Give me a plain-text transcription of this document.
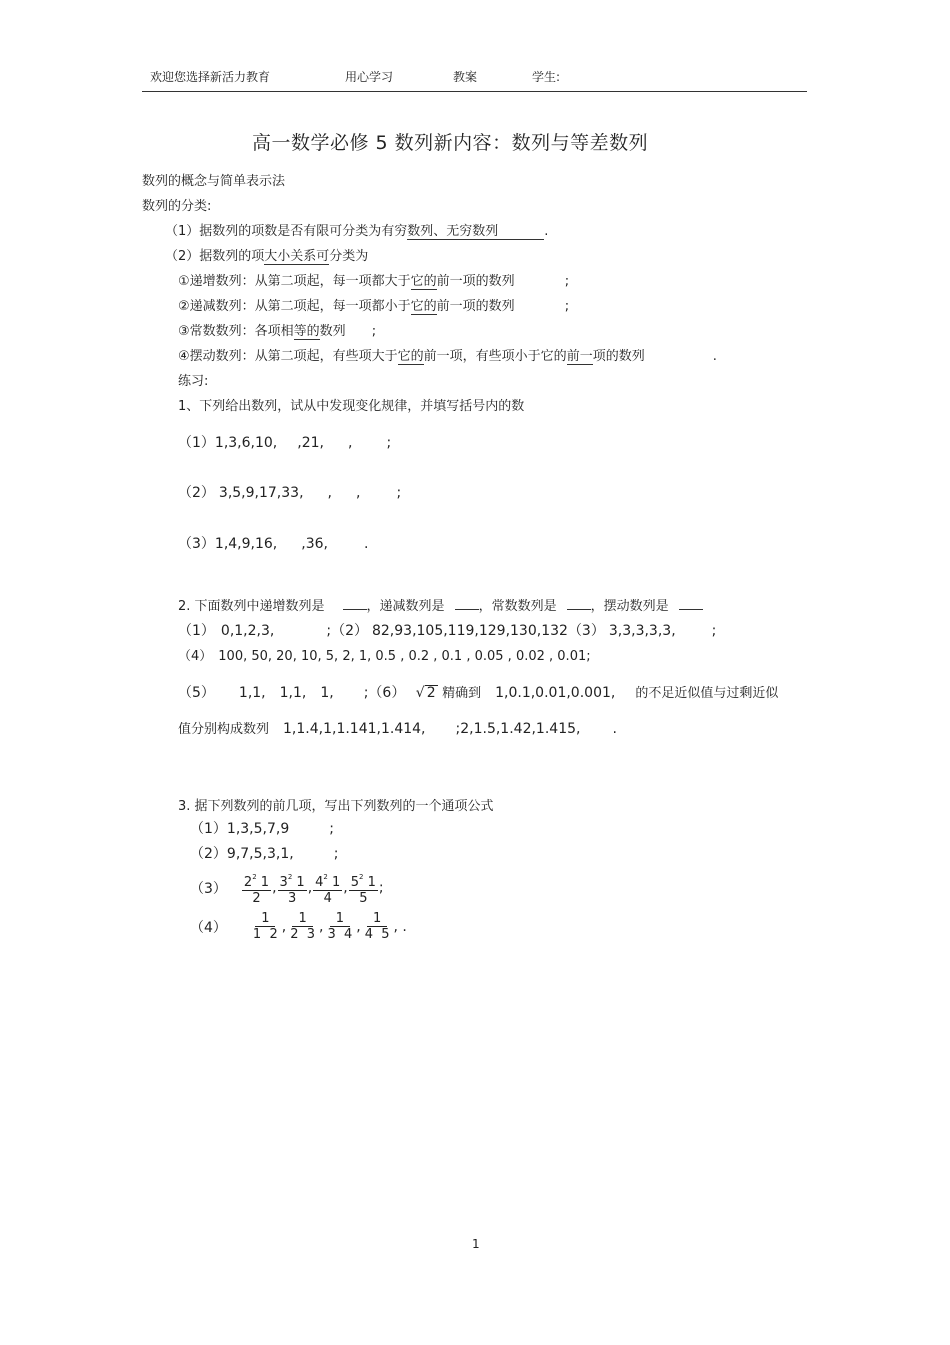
欢迎您选择新活力教育	用心学习	教案	学生:
高一数学必修 5 数列新内容：数列与等差数列
数列的概念与简单表示法
数列的分类:
（1）据数列的项数是否有限可分类为有穷数列、无穷数列	.
（2）据数列的项大小关系可分类为
①递增数列：从第二项起，每一项都大于它的前一项的数列	;
②递减数列：从第二项起，每一项都小于它的前一项的数列	;
③常数数列：各项相等的数列 ;
④摆动数列：从第二项起，有些项大于它的前一项，有些项小于它的前一项的数列	.
练习:
1、下列给出数列，试从中发现变化规律，并填写括号内的数
（1）1,3,6,10, ,21, , ;
（2） 3,5,9,17,33, , ,	;
（3）1,4,9,16, ,36,	.
2. 下面数列中递增数列是	，递减数列是	，常数数列是	，摆动数列是
（1） 0,1,2,3,	;（2） 82,93,105,119,129,130,132（3） 3,3,3,3,3,	;
（4） 100, 50, 20, 10, 5, 2, 1, 0.5 , 0.2 , 0.1 , 0.05 , 0.02 , 0.01;
（5） 1,1, 1,1, 1, ;（6） √ 2 精确到 1,0.1,0.01,0.001, 的不足近似值与过剩近似
值分别构成数列 1,1.4,1,1.141,1.414, ;2,1.5,1.42,1.415, .
3. 据下列数列的前几项，写出下列数列的一个通项公式
（1）1,3,5,7,9	;
（2）9,7,5,3,1,	;
$(3) \frac{2^2 1}{2}$ , $\frac{3^2 1}{3}$ , $\frac{4^2 1}{4}$ , $\frac{5^2 1}{5}$ ;
$(4) \frac{1}{1 2}$ , $\frac{1}{2 3}$ , $\frac{1}{3 4}$ , $\frac{1}{4 5}$ , .
1
